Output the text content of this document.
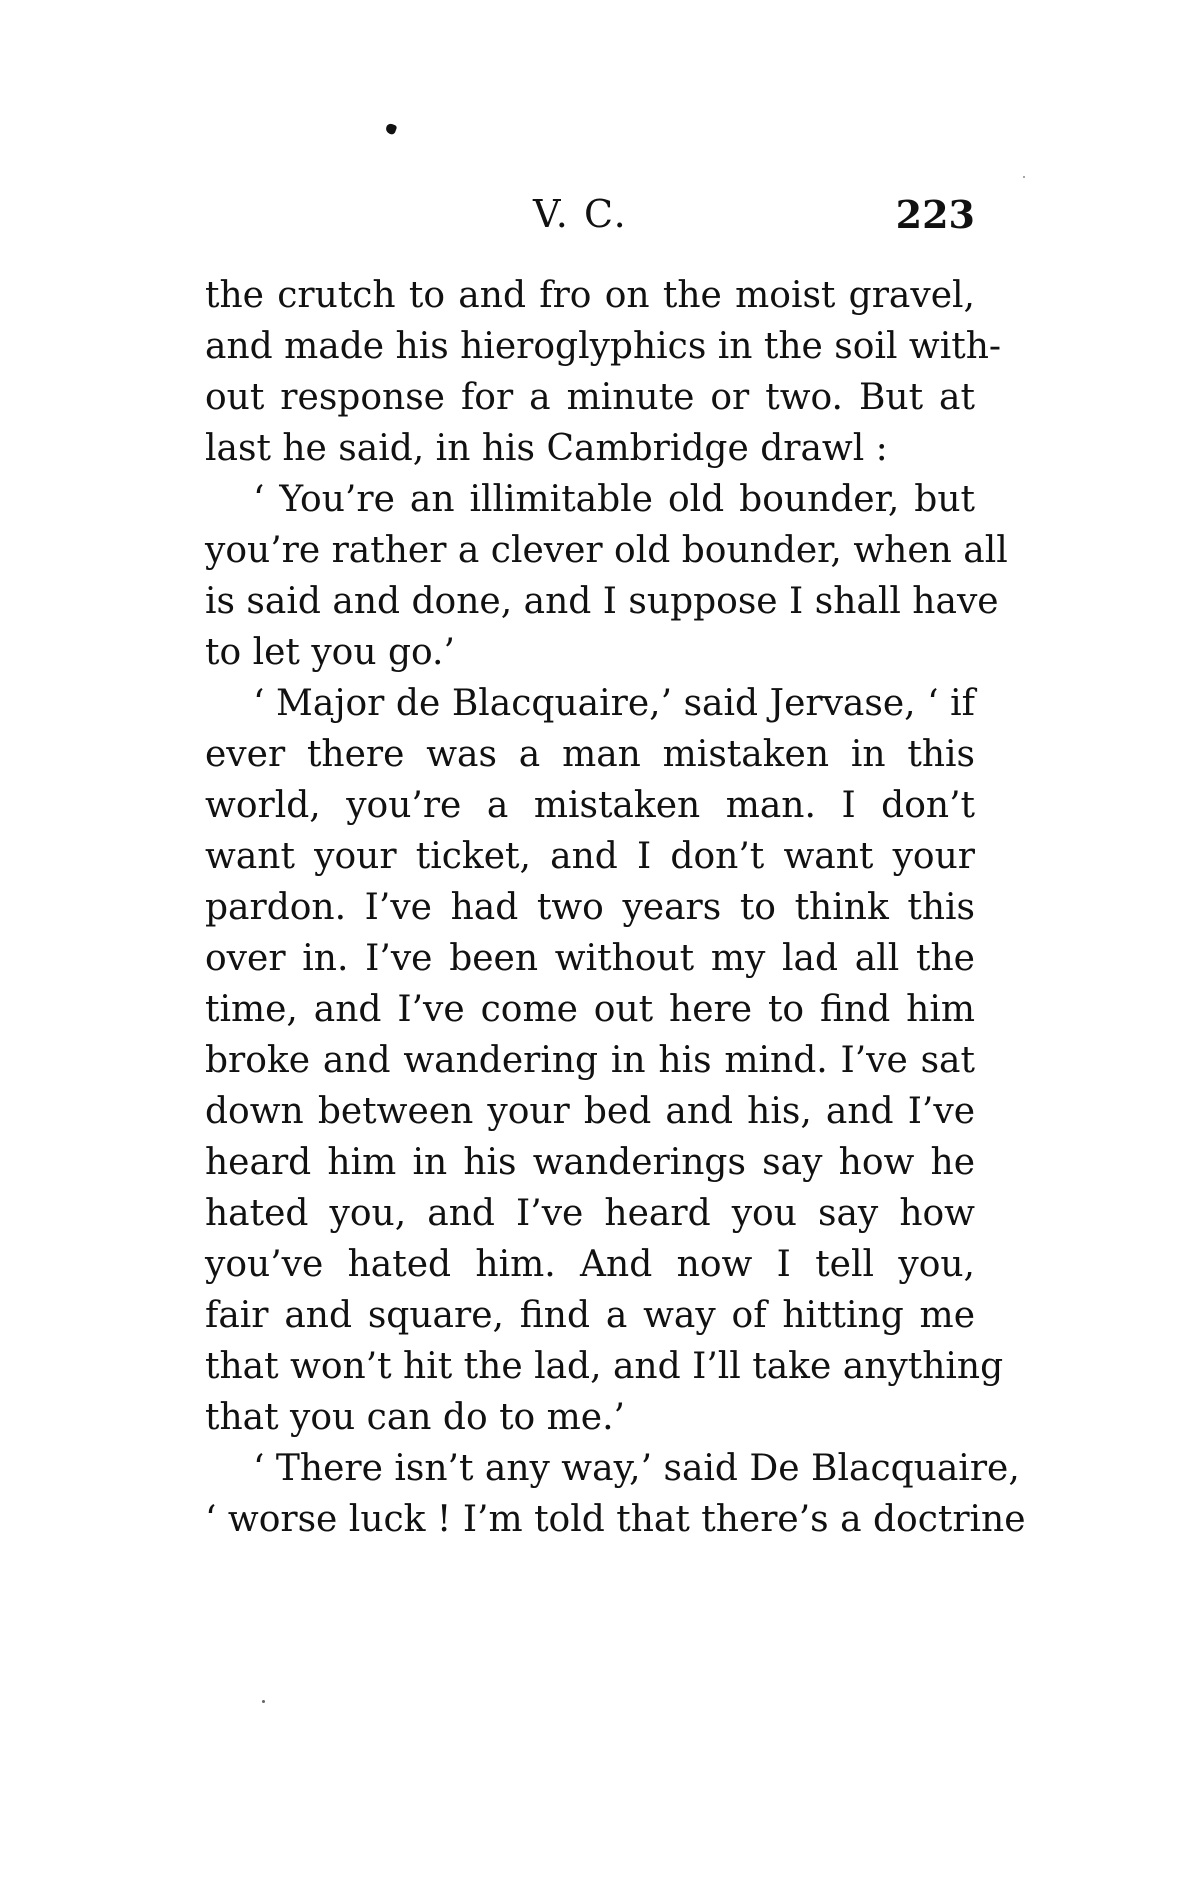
V. C.	223
the crutch to and fro on the moist gravel,
and made his hieroglyphics in the soil with-
out response for a minute or two. But at
last he said, in his Cambridge drawl :
‘ You’re an illimitable old bounder, but
you’re rather a clever old bounder, when all
is said and done, and I suppose I shall have
to let you go.’
‘ Major de Blacquaire,’ said Jervase, ‘ if
ever there was a man mistaken in this
world, you’re a mistaken man. I don’t
want your ticket, and I don’t want your
pardon. I’ve had two years to think this
over in. I’ve been without my lad all the
time, and I’ve come out here to find him
broke and wandering in his mind. I’ve sat
down between your bed and his, and I’ve
heard him in his wanderings say how he
hated you, and I’ve heard you say how
you’ve hated him. And now I tell you,
fair and square, find a way of hitting me
that won’t hit the lad, and I’ll take anything
that you can do to me.’
‘ There isn’t any way,’ said De Blacquaire,
‘ worse luck ! I’m told that there’s a doctrine
